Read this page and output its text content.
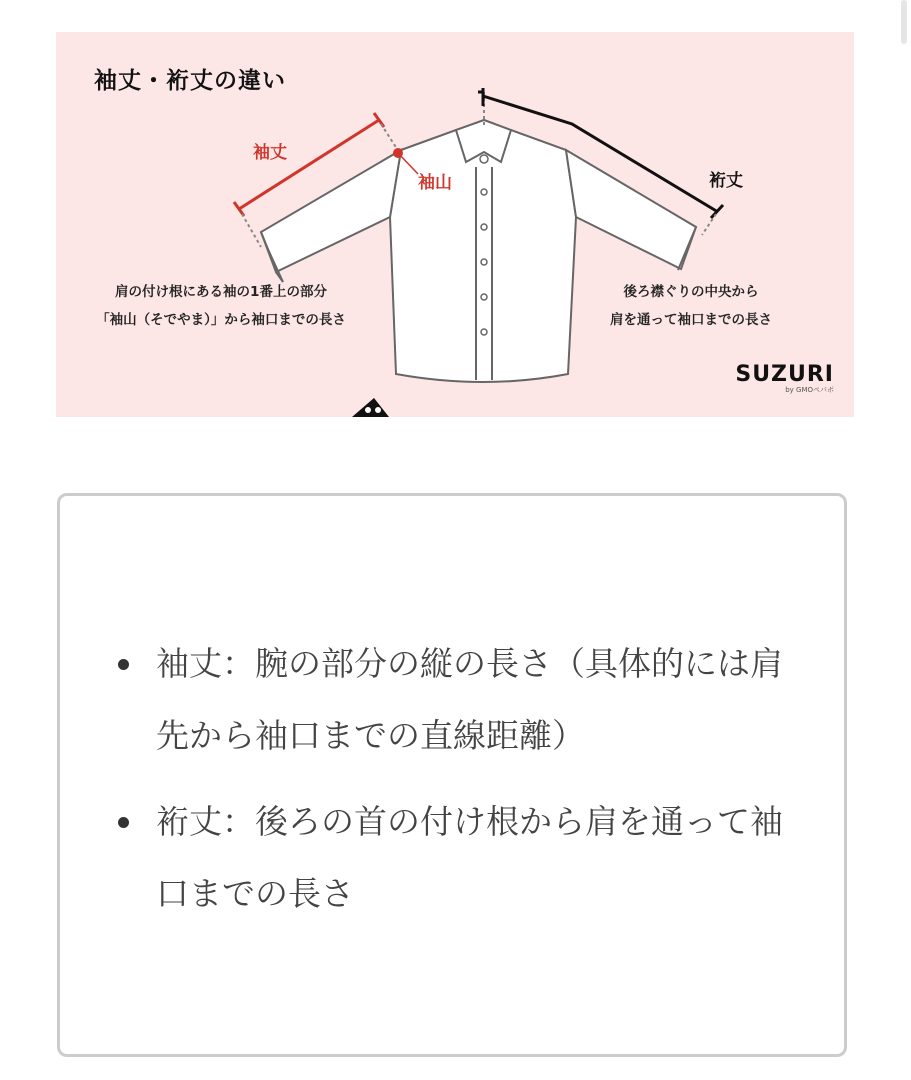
袖丈・裄丈の違い
袖丈
袖山	裄丈
肩の付け根にある袖の1番上の部分
「袖山（そでやま）」から袖口までの長さ
後ろ襟ぐりの中央から
肩を通って袖口までの長さ
SUZURI
by GMOペパボ
袖丈：腕の部分の縦の長さ（具体的には肩先から袖口までの直線距離）
裄丈：後ろの首の付け根から肩を通って袖口までの長さ
